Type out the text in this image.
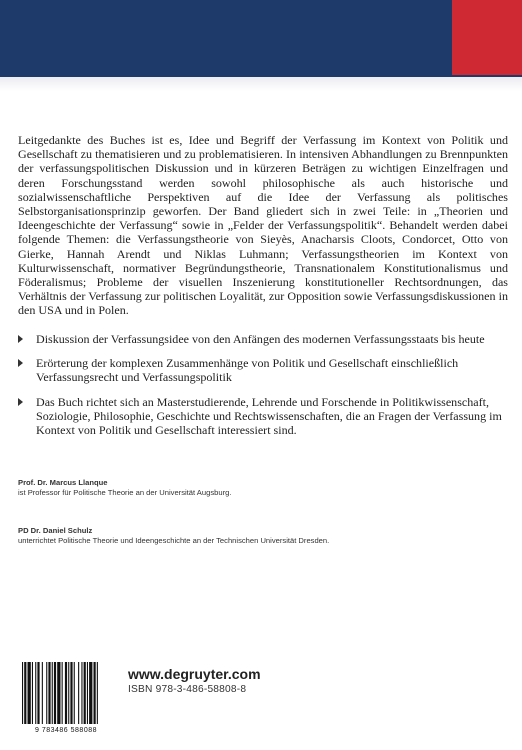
Leitgedankte des Buches ist es, Idee und Begriff der Verfassung im Kontext von Politik und Gesellschaft zu thematisieren und zu problematisieren. In intensiven Abhandlungen zu Brennpunkten der verfassungspolitischen Diskussion und in kürzeren Beträgen zu wichtigen Einzelfragen und deren Forschungsstand werden sowohl philosophische als auch historische und sozialwissenschaftliche Perspektiven auf die Idee der Verfassung als politisches Selbstorganisationsprinzip geworfen. Der Band gliedert sich in zwei Teile: in „Theorien und Ideengeschichte der Verfassung“ sowie in „Felder der Verfassungspolitik“. Behandelt werden dabei folgende Themen: die Verfassungstheorie von Sieyès, Anacharsis Cloots, Condorcet, Otto von Gierke, Hannah Arendt und Niklas Luhmann; Verfassungstheorien im Kontext von Kulturwissenschaft, normativer Begründungstheorie, Transnationalem Konstitutionalismus und Föderalismus; Probleme der visuellen Inszenierung konstitutioneller Rechtsordnungen, das Verhältnis der Verfassung zur politischen Loyalität, zur Opposition sowie Verfassungsdiskussionen in den USA und in Polen.

Diskussion der Verfassungsidee von den Anfängen des modernen Verfassungsstaats bis heute
Erörterung der komplexen Zusammenhänge von Politik und Gesellschaft einschließlich Verfassungsrecht und Verfassungspolitik
Das Buch richtet sich an Masterstudierende, Lehrende und Forschende in Politikwissenschaft, Soziologie, Philosophie, Geschichte und Rechtswissenschaften, die an Fragen der Verfassung im Kontext von Politik und Gesellschaft interessiert sind.
Prof. Dr. Marcus Llanque
ist Professor für Politische Theorie an der Universität Augsburg.
PD Dr. Daniel Schulz
unterrichtet Politische Theorie und Ideengeschichte an der Technischen Universität Dresden.
9 783486 588088
www.degruyter.com
ISBN 978-3-486-58808-8
